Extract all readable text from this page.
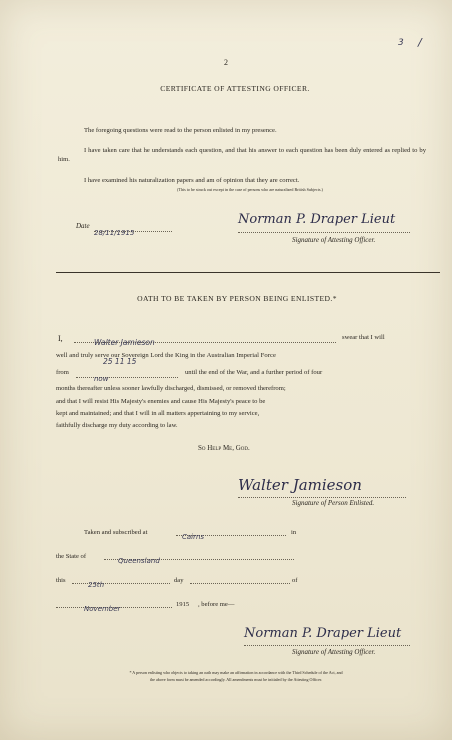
3 /
2
CERTIFICATE OF ATTESTING OFFICER.

The foregoing questions were read to the person enlisted in my presence.

I have taken care that he understands each question, and that his answer to each question has been duly entered as replied to by him.

I have examined his naturalization papers and am of opinion that they are correct.

(This to be struck out except in the case of persons who are naturalized British Subjects.)

Date
28/11/1915
Norman P. Draper Lieut
Signature of Attesting Officer.
OATH TO BE TAKEN BY PERSON BEING ENLISTED.*
I,	Walter Jamieson
swear that I will

well and truly serve our Sovereign Lord the King in the Australian Imperial Force

from
25 11 15
now
until the end of the War, and a further period of four

months thereafter unless sooner lawfully discharged, dismissed, or removed therefrom;

and that I will resist His Majesty's enemies and cause His Majesty's peace to be

kept and maintained; and that I will in all matters appertaining to my service,

faithfully discharge my duty according to law.

So Help Me, God.
Walter Jamieson
Signature of Person Enlisted.
Taken and subscribed at
Cairns
in
the State of
Queensland
this
25th
day	of
November
1915 , before me—
Norman P. Draper Lieut
Signature of Attesting Officer.

* A person enlisting who objects to taking an oath may make an affirmation in accordance with the Third Schedule of the Act, and

the above form must be amended accordingly. All amendments must be initialed by the Attesting Officer.
